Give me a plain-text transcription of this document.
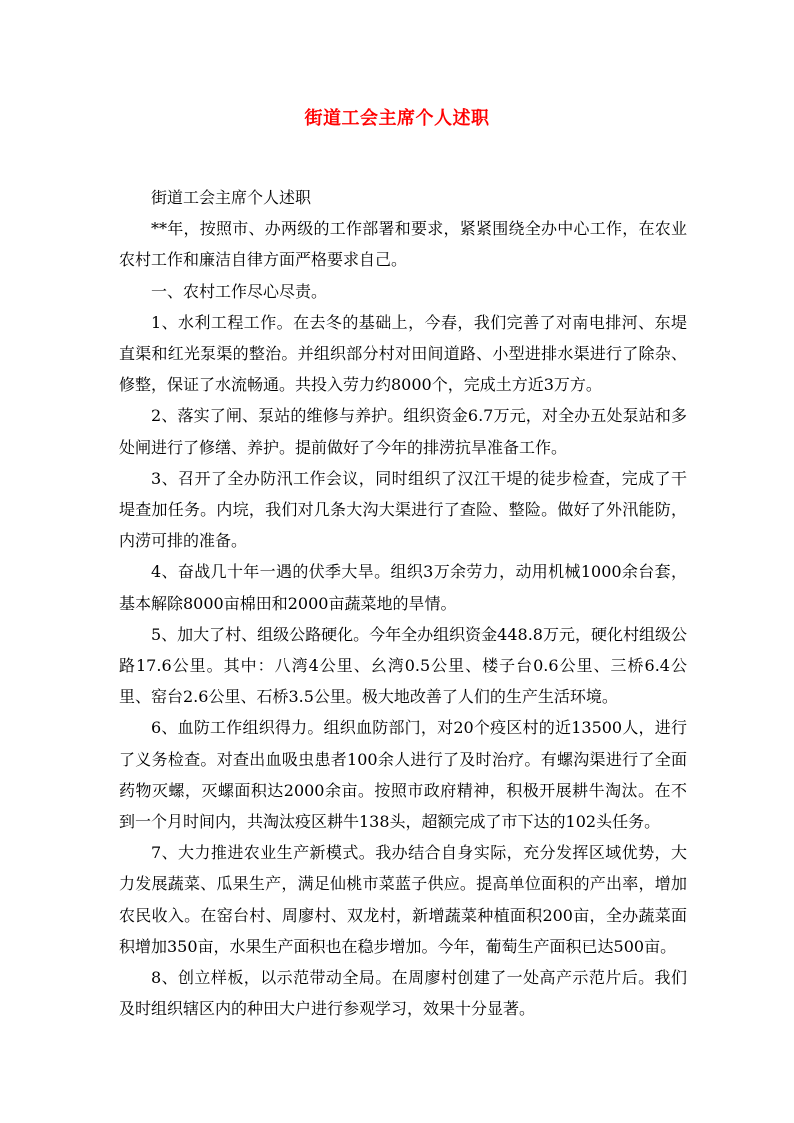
街道工会主席个人述职

街道工会主席个人述职

**年，按照市、办两级的工作部署和要求，紧紧围绕全办中心工作，在农业农村工作和廉洁自律方面严格要求自己。

一、农村工作尽心尽责。

1、水利工程工作。在去冬的基础上，今春，我们完善了对南电排河、东堤直渠和红光泵渠的整治。并组织部分村对田间道路、小型进排水渠进行了除杂、修整，保证了水流畅通。共投入劳力约8000个，完成土方近3万方。

2、落实了闸、泵站的维修与养护。组织资金6.7万元，对全办五处泵站和多处闸进行了修缮、养护。提前做好了今年的排涝抗旱准备工作。

3、召开了全办防汛工作会议，同时组织了汉江干堤的徒步检查，完成了干堤查加任务。内垸，我们对几条大沟大渠进行了查险、整险。做好了外汛能防，内涝可排的准备。

4、奋战几十年一遇的伏季大旱。组织3万余劳力，动用机械1000余台套，基本解除8000亩棉田和2000亩蔬菜地的旱情。

5、加大了村、组级公路硬化。今年全办组织资金448.8万元，硬化村组级公路17.6公里。其中：八湾4公里、幺湾0.5公里、楼子台0.6公里、三桥6.4公里、窑台2.6公里、石桥3.5公里。极大地改善了人们的生产生活环境。

6、血防工作组织得力。组织血防部门，对20个疫区村的近13500人，进行了义务检查。对查出血吸虫患者100余人进行了及时治疗。有螺沟渠进行了全面药物灭螺，灭螺面积达2000余亩。按照市政府精神，积极开展耕牛淘汰。在不到一个月时间内，共淘汰疫区耕牛138头，超额完成了市下达的102头任务。

7、大力推进农业生产新模式。我办结合自身实际，充分发挥区域优势，大力发展蔬菜、瓜果生产，满足仙桃市菜蓝子供应。提高单位面积的产出率，增加农民收入。在窑台村、周廖村、双龙村，新增蔬菜种植面积200亩，全办蔬菜面积增加350亩，水果生产面积也在稳步增加。今年，葡萄生产面积已达500亩。

8、创立样板，以示范带动全局。在周廖村创建了一处高产示范片后。我们及时组织辖区内的种田大户进行参观学习，效果十分显著。
